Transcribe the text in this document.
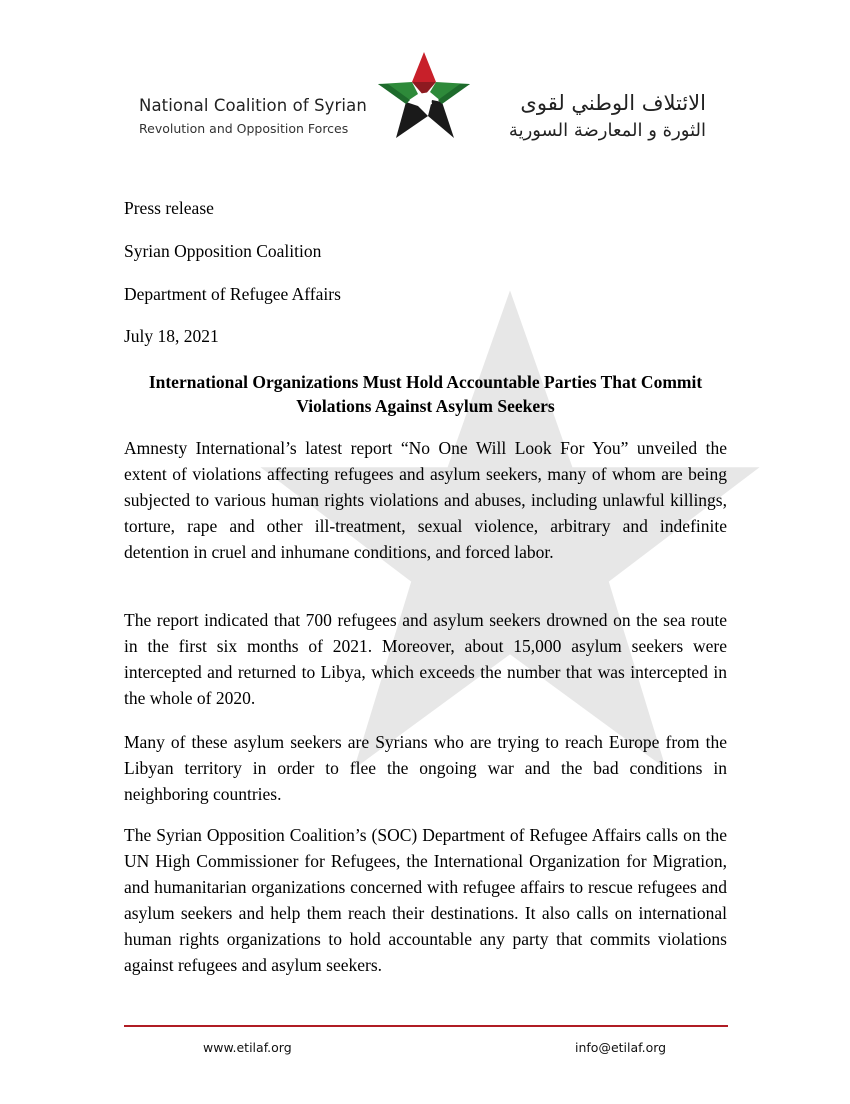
National Coalition of Syrian
Revolution and Opposition Forces
الائتلاف الوطني لقوى
الثورة و المعارضة السورية
Press release
Syrian Opposition Coalition
Department of Refugee Affairs
July 18, 2021
International Organizations Must Hold Accountable Parties That Commit Violations Against Asylum Seekers

Amnesty International’s latest report “No One Will Look For You” unveiled the extent of violations affecting refugees and asylum seekers, many of whom are being subjected to various human rights violations and abuses, including unlawful killings, torture, rape and other ill-treatment, sexual violence, arbitrary and indefinite detention in cruel and inhumane conditions, and forced labor.

The report indicated that 700 refugees and asylum seekers drowned on the sea route in the first six months of 2021. Moreover, about 15,000 asylum seekers were intercepted and returned to Libya, which exceeds the number that was intercepted in the whole of 2020.

Many of these asylum seekers are Syrians who are trying to reach Europe from the Libyan territory in order to flee the ongoing war and the bad conditions in neighboring countries.

The Syrian Opposition Coalition’s (SOC) Department of Refugee Affairs calls on the UN High Commissioner for Refugees, the International Organization for Migration, and humanitarian organizations concerned with refugee affairs to rescue refugees and asylum seekers and help them reach their destinations. It also calls on international human rights organizations to hold accountable any party that commits violations against refugees and asylum seekers.

www.etilaf.org	info@etilaf.org
